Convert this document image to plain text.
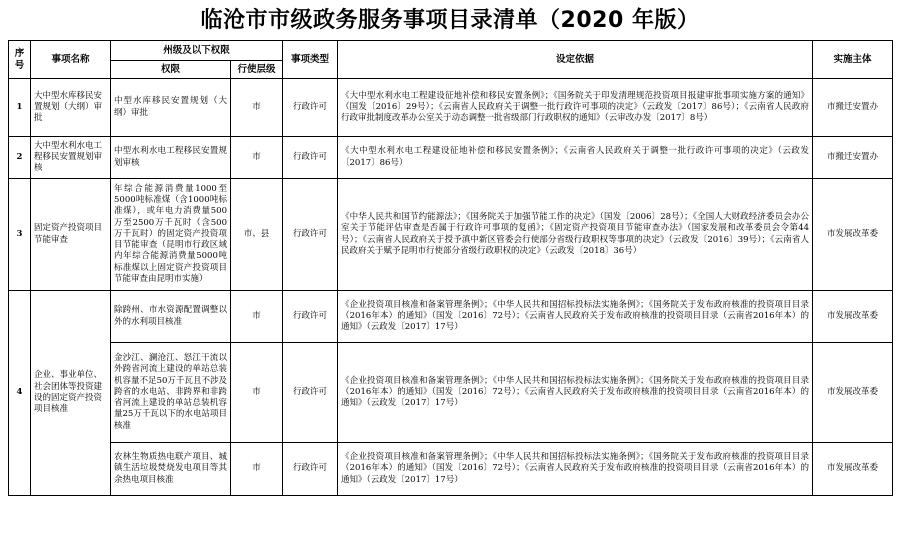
临沧市市级政务服务事项目录清单（2020 年版）
序号	事项名称	州级及以下权限		事项类型	设定依据	实施主体
		权限	行使层级			
1	大中型水库移民安置规划（大纲）审批	中型水库移民安置规划（大纲）审批	市	行政许可	《大中型水利水电工程建设征地补偿和移民安置条例》；《国务院关于印发清理规范投资项目报建审批事项实施方案的通知》（国发〔2016〕29号）；《云南省人民政府关于调整一批行政许可事项的决定》（云政发〔2017〕86号）；《云南省人民政府行政审批制度改革办公室关于动态调整一批省级部门行政职权的通知》（云审改办发〔2017〕8号）	市搬迁安置办
2	大中型水利水电工程移民安置规划审核	中型水利水电工程移民安置规划审核	市	行政许可	《大中型水利水电工程建设征地补偿和移民安置条例》；《云南省人民政府关于调整一批行政许可事项的决定》（云政发〔2017〕86号）	市搬迁安置办
3	固定资产投资项目节能审查	年综合能源消费量1000至5000吨标准煤（含1000吨标准煤），或年电力消费量500万至2500万千瓦时（含500万千瓦时）的固定资产投资项目节能审查（昆明市行政区域内年综合能源消费量5000吨标准煤以上固定资产投资项目节能审查由昆明市实施）	市、县	行政许可	《中华人民共和国节约能源法》；《国务院关于加强节能工作的决定》（国发〔2006〕28号）；《全国人大财政经济委员会办公室关于节能评估审查是否属于行政许可事项的复函》；《固定资产投资项目节能审查办法》（国家发展和改革委员会令第44号）；《云南省人民政府关于授予滇中新区管委会行使部分省级行政职权等事项的决定》（云政发〔2016〕39号）；《云南省人民政府关于赋予昆明市行使部分省级行政职权的决定》（云政发〔2018〕36号）	市发展改革委
4	企业、事业单位、社会团体等投资建设的固定资产投资项目核准	除跨州、市水资源配置调整以外的水利项目核准	市	行政许可	《企业投资项目核准和备案管理条例》；《中华人民共和国招标投标法实施条例》；《国务院关于发布政府核准的投资项目目录（2016年本）的通知》（国发〔2016〕72号）；《云南省人民政府关于发布政府核准的投资项目目录（云南省2016年本）的通知》（云政发〔2017〕17号）	市发展改革委
		金沙江、澜沧江、怒江干流以外跨省河流上建设的单站总装机容量不足50万千瓦且不涉及跨省的水电站、非跨界和非跨省河流上建设的单站总装机容量25万千瓦以下的水电站项目核准	市	行政许可	《企业投资项目核准和备案管理条例》；《中华人民共和国招标投标法实施条例》；《国务院关于发布政府核准的投资项目目录（2016年本）的通知》（国发〔2016〕72号）；《云南省人民政府关于发布政府核准的投资项目目录（云南省2016年本）的通知》（云政发〔2017〕17号）	市发展改革委
		农林生物质热电联产项目、城镇生活垃圾焚烧发电项目等其余热电项目核准	市	行政许可	《企业投资项目核准和备案管理条例》；《中华人民共和国招标投标法实施条例》；《国务院关于发布政府核准的投资项目目录（2016年本）的通知》（国发〔2016〕72号）；《云南省人民政府关于发布政府核准的投资项目目录（云南省2016年本）的通知》（云政发〔2017〕17号）	市发展改革委
